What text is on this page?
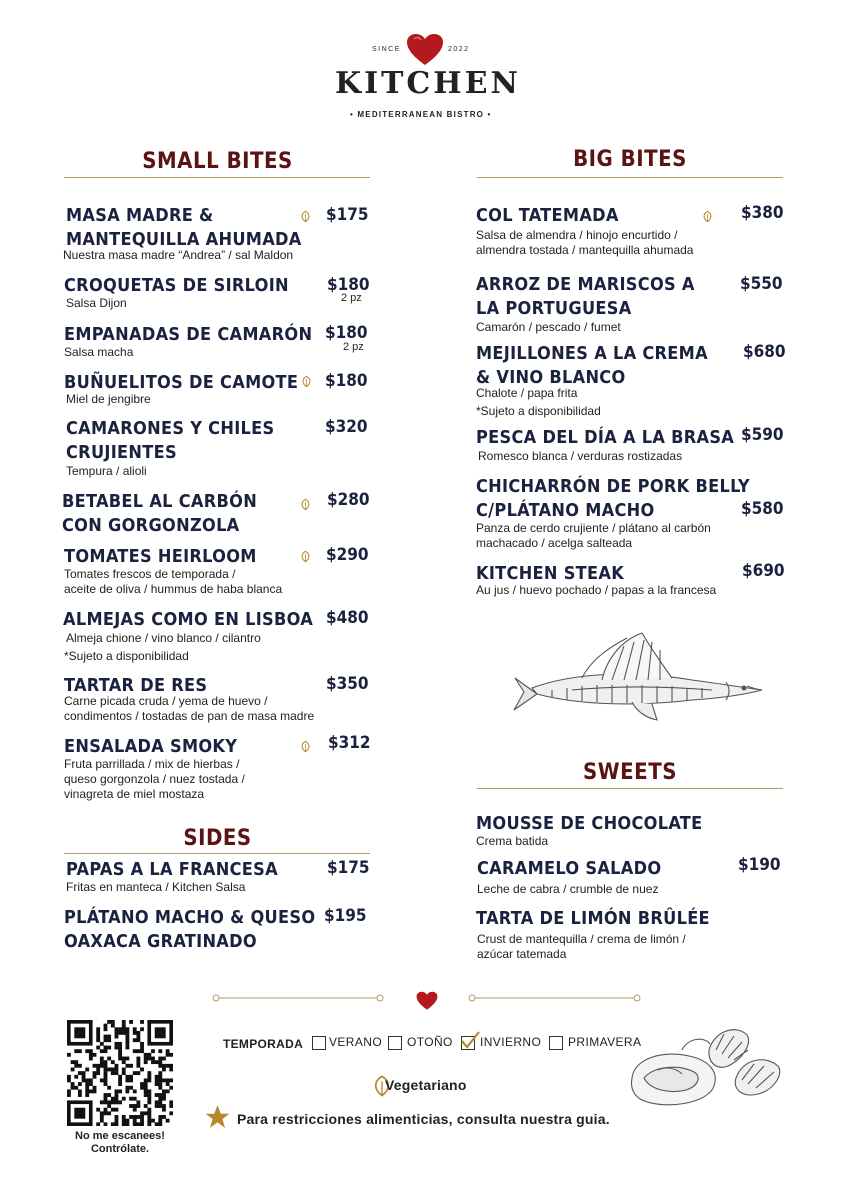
SINCE	2022
KITCHEN
• MEDITERRANEAN BISTRO •
SMALL BITES
MASA MADRE &
MANTEQUILLA AHUMADA
Nuestra masa madre “Andrea” / sal Maldon
$175
CROQUETAS DE SIRLOIN
Salsa Dijon
$180
2 pz
EMPANADAS DE CAMARÓN
Salsa macha
$180
2 pz
BUÑUELITOS DE CAMOTE
Miel de jengibre
$180
CAMARONES Y CHILES
CRUJIENTES
Tempura / alioli
$320
BETABEL AL CARBÓN
CON GORGONZOLA
$280
TOMATES HEIRLOOM
Tomates frescos de temporada /
aceite de oliva / hummus de haba blanca
$290
ALMEJAS COMO EN LISBOA
Almeja chione / vino blanco / cilantro
*Sujeto a disponibilidad
$480
TARTAR DE RES
Carne picada cruda / yema de huevo /
condimentos / tostadas de pan de masa madre
$350
ENSALADA SMOKY
Fruta parrillada / mix de hierbas /
queso gorgonzola / nuez tostada /
vinagreta de miel mostaza
$312
SIDES
PAPAS A LA FRANCESA
Fritas en manteca / Kitchen Salsa
$175
PLÁTANO MACHO & QUESO
OAXACA GRATINADO
$195
BIG BITES
COL TATEMADA
Salsa de almendra / hinojo encurtido /
almendra tostada / mantequilla ahumada
$380
ARROZ DE MARISCOS A
LA PORTUGUESA
Camarón / pescado / fumet
$550
MEJILLONES A LA CREMA
& VINO BLANCO
Chalote / papa frita
*Sujeto a disponibilidad
$680
PESCA DEL DÍA A LA BRASA
Romesco blanca / verduras rostizadas
$590
CHICHARRÓN DE PORK BELLY
C/PLÁTANO MACHO
Panza de cerdo crujiente / plátano al carbón
machacado / acelga salteada
$580
KITCHEN STEAK
Au jus / huevo pochado / papas a la francesa
$690
SWEETS
MOUSSE DE CHOCOLATE
Crema batida
CARAMELO SALADO
Leche de cabra / crumble de nuez
$190
TARTA DE LIMÓN BRÛLÉE
Crust de mantequilla / crema de limón /
azúcar tatemada
No me escanees!
Contrólate.
TEMPORADA VERANO OTOÑO INVIERNO PRIMAVERA
Vegetariano
Para restricciones alimenticias, consulta nuestra guia.
